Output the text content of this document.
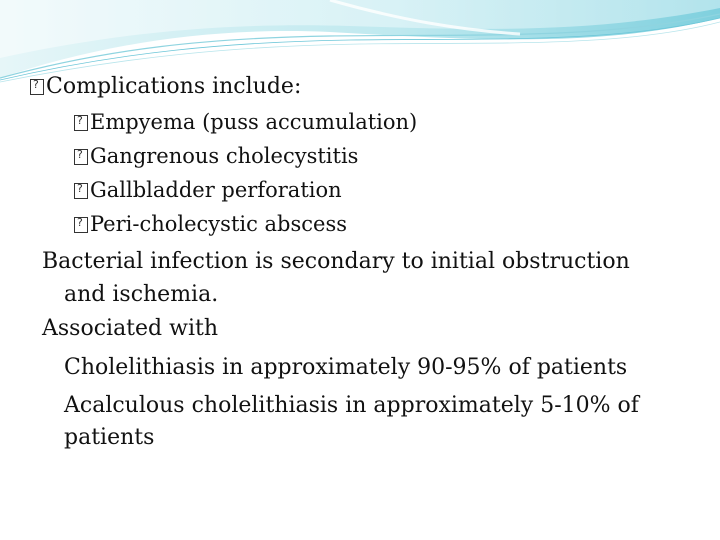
?Complications include:
?Empyema (puss accumulation)
?Gangrenous cholecystitis
?Gallbladder perforation
?Peri-cholecystic abscess
Bacterial infection is secondary to initial obstruction
and ischemia.
Associated with
Cholelithiasis in approximately 90-95% of patients
Acalculous cholelithiasis in approximately 5-10% of
patients
